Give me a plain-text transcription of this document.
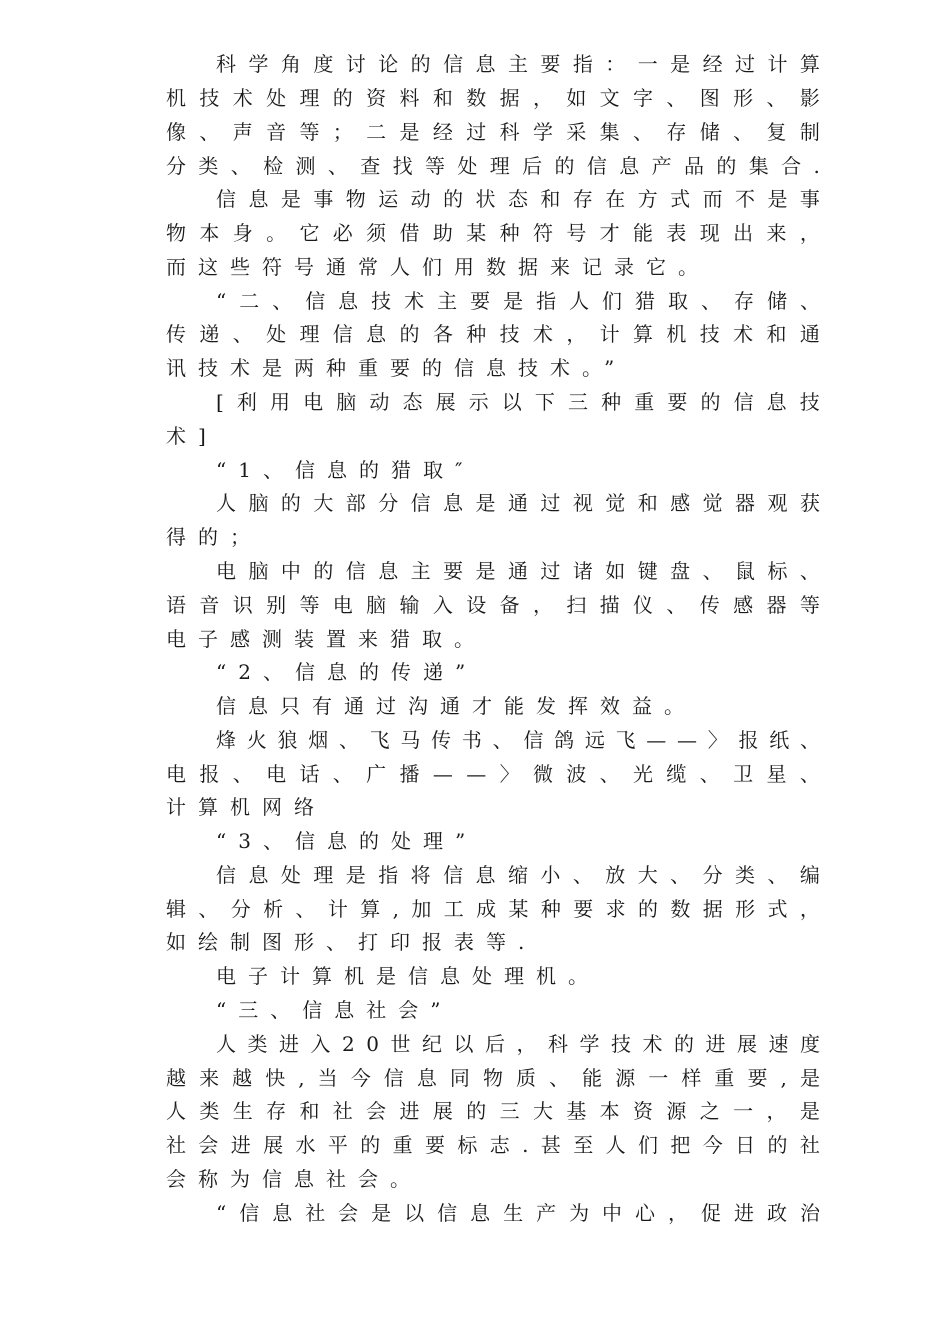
科 学 角 度 讨 论 的 信 息 主 要 指 ： 一 是 经 过 计 算
机 技 术 处 理 的 资 料 和 数 据 ， 如 文 字 、 图 形 、 影
像 、 声 音 等 ； 二 是 经 过 科 学 采 集 、 存 储 、 复 制
分 类 、 检 测 、 查 找 等 处 理 后 的 信 息 产 品 的 集 合 .
信 息 是 事 物 运 动 的 状 态 和 存 在 方 式 而 不 是 事
物 本 身 。 它 必 须 借 助 某 种 符 号 才 能 表 现 出 来 ，
而这些符号通常人们用数据来记录它。
“ 二 、 信 息 技 术 主 要 是 指 人 们 猎 取 、 存 储 、
传 递 、 处 理 信 息 的 各 种 技 术 ， 计 算 机 技 术 和 通
讯技术是两种重要的信息技术。”
[ 利 用 电 脑 动 态 展 示 以 下 三 种 重 要 的 信 息 技
术]
“1、信息的猎取″
人 脑 的 大 部 分 信 息 是 通 过 视 觉 和 感 觉 器 观 获
得的；
电 脑 中 的 信 息 主 要 是 通 过 诸 如 键 盘 、 鼠 标 、
语 音 识 别 等 电 脑 输 入 设 备 ， 扫 描 仪 、 传 感 器 等
电子感测装置来猎取。
“2、信息的传递”
信息只有通过沟通才能发挥效益。
烽 火 狼 烟 、 飞 马 传 书 、 信 鸽 远 飞 — — 〉 报 纸 、
电 报 、 电 话 、 广 播 — — 〉 微 波 、 光 缆 、 卫 星 、
计算机网络
“3、信息的处理”
信 息 处 理 是 指 将 信 息 缩 小 、 放 大 、 分 类 、 编
辑 、 分 析 、 计 算 , 加 工 成 某 种 要 求 的 数 据 形 式 ，
如绘制图形、打印报表等.
电子计算机是信息处理机。
“三、信息社会”
人 类 进 入 2 0 世 纪 以 后 ， 科 学 技 术 的 进 展 速 度
越 来 越 快 , 当 今 信 息 同 物 质 、 能 源 一 样 重 要 , 是
人 类 生 存 和 社 会 进 展 的 三 大 基 本 资 源 之 一 ， 是
社 会 进 展 水 平 的 重 要 标 志 . 甚 至 人 们 把 今 日 的 社
会称为信息社会。
“ 信 息 社 会 是 以 信 息 生 产 为 中 心 ， 促 进 政 治
